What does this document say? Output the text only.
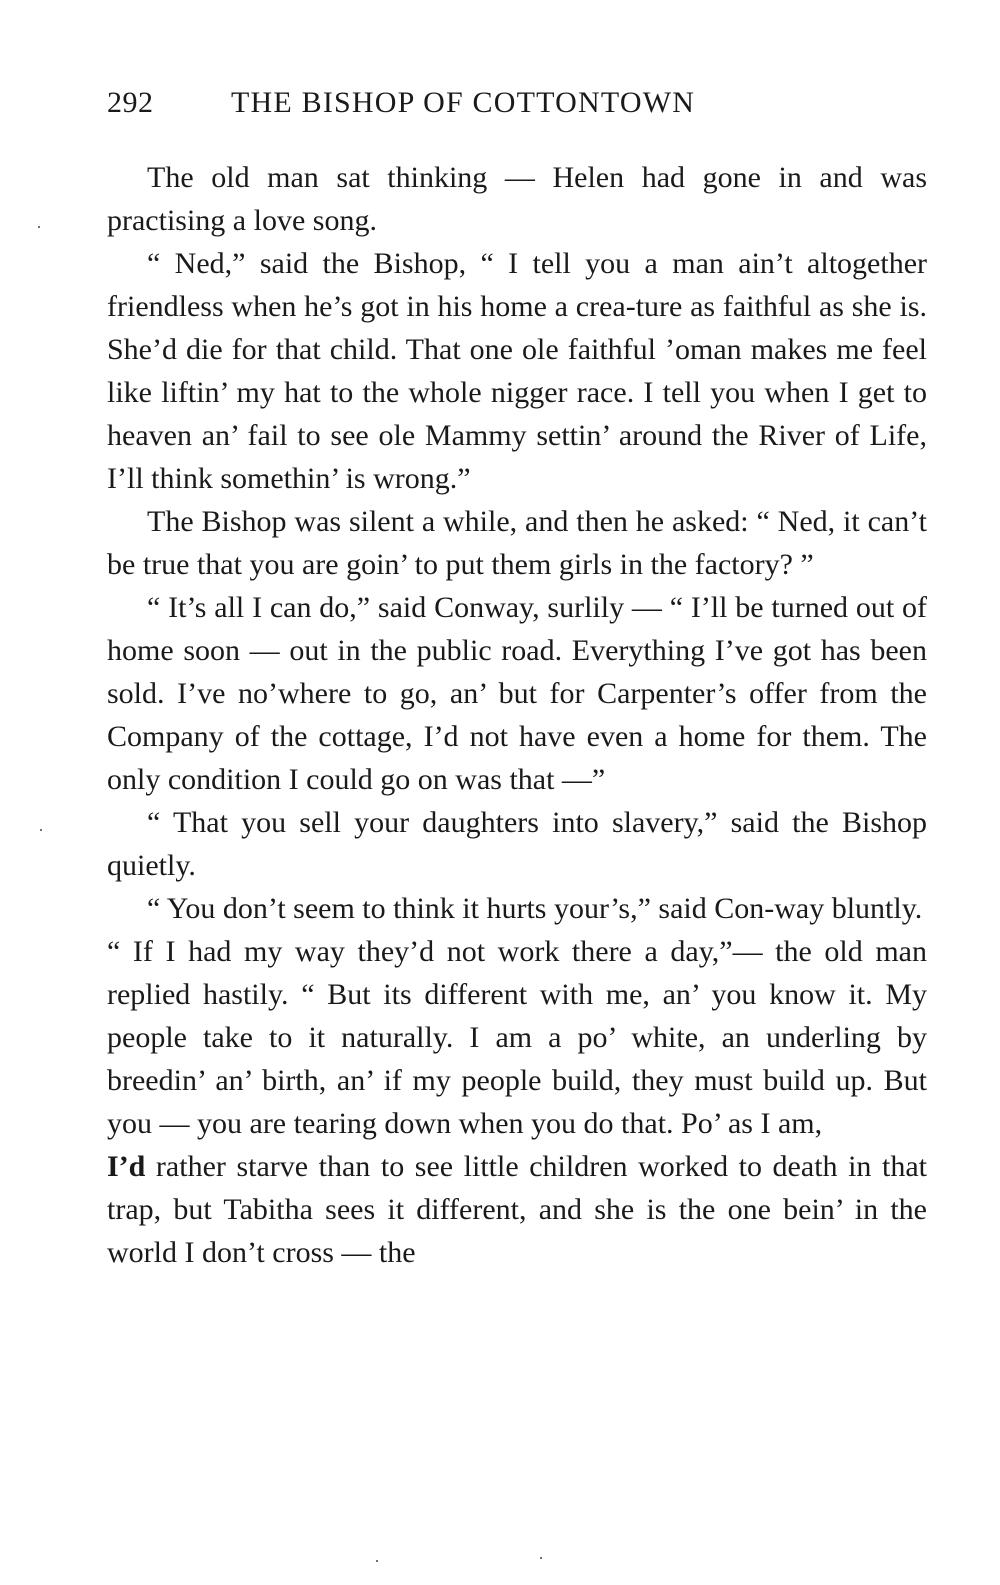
292	THE BISHOP OF COTTONTOWN

The old man sat thinking — Helen had gone in and was practising a love song.

“ Ned,” said the Bishop, “ I tell you a man ain’t altogether friendless when he’s got in his home a crea-ture as faithful as she is. She’d die for that child. That one ole faithful ’oman makes me feel like liftin’ my hat to the whole nigger race. I tell you when I get to heaven an’ fail to see ole Mammy settin’ around the River of Life, I’ll think somethin’ is wrong.”

The Bishop was silent a while, and then he asked: “ Ned, it can’t be true that you are goin’ to put them girls in the factory? ”

“ It’s all I can do,” said Conway, surlily — “ I’ll be turned out of home soon — out in the public road. Everything I’ve got has been sold. I’ve no’where to go, an’ but for Carpenter’s offer from the Company of the cottage, I’d not have even a home for them. The only condition I could go on was that —”

“ That you sell your daughters into slavery,” said the Bishop quietly.

“ You don’t seem to think it hurts your’s,” said Con-way bluntly.

“ If I had my way they’d not work there a day,”— the old man replied hastily. “ But its different with me, an’ you know it. My people take to it naturally. I am a po’ white, an underling by breedin’ an’ birth, an’ if my people build, they must build up. But you — you are tearing down when you do that. Po’ as I am,
I’d rather starve than to see little children worked to death in that trap, but Tabitha sees it different, and she is the one bein’ in the world I don’t cross — the
